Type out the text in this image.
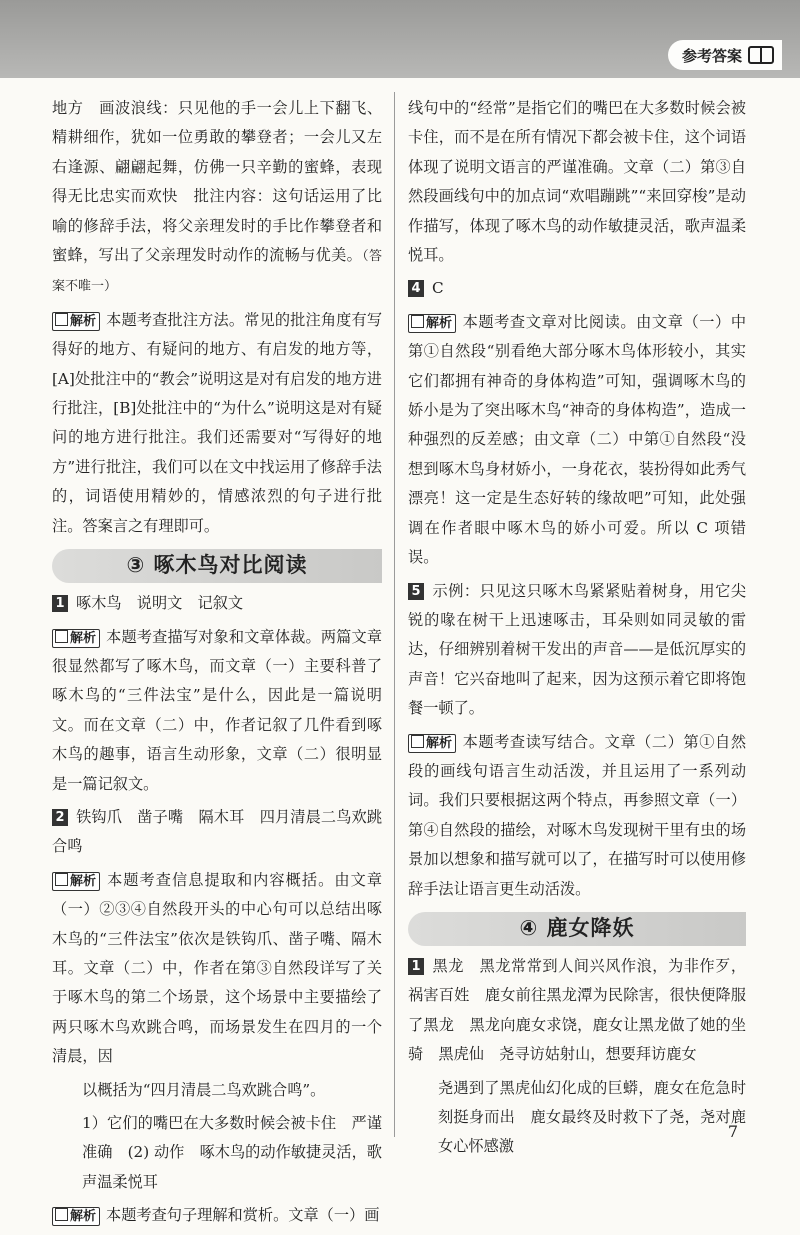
参考答案

地方　画波浪线：只见他的手一会儿上下翻飞、精耕细作，犹如一位勇敢的攀登者；一会儿又左右逢源、翩翩起舞，仿佛一只辛勤的蜜蜂，表现得无比忠实而欢快　批注内容：这句话运用了比喻的修辞手法，将父亲理发时的手比作攀登者和蜜蜂，写出了父亲理发时动作的流畅与优美。（答案不唯一）

解析 本题考查批注方法。常见的批注角度有写得好的地方、有疑问的地方、有启发的地方等，[A]处批注中的“教会”说明这是对有启发的地方进行批注，[B]处批注中的“为什么”说明这是对有疑问的地方进行批注。我们还需要对“写得好的地方”进行批注，我们可以在文中找运用了修辞手法的，词语使用精妙的，情感浓烈的句子进行批注。答案言之有理即可。

③ 啄木鸟对比阅读

1 啄木鸟　说明文　记叙文

解析 本题考查描写对象和文章体裁。两篇文章很显然都写了啄木鸟，而文章（一）主要科普了啄木鸟的“三件法宝”是什么，因此是一篇说明文。而在文章（二）中，作者记叙了几件看到啄木鸟的趣事，语言生动形象，文章（二）很明显是一篇记叙文。

2 铁钩爪　凿子嘴　隔木耳　四月清晨二鸟欢跳合鸣

解析 本题考查信息提取和内容概括。由文章（一）②③④自然段开头的中心句可以总结出啄木鸟的“三件法宝”依次是铁钩爪、凿子嘴、隔木耳。文章（二）中，作者在第③自然段详写了关于啄木鸟的第二个场景，这个场景中主要描绘了两只啄木鸟欢跳合鸣，而场景发生在四月的一个清晨，因

以概括为“四月清晨二鸟欢跳合鸣”。

1）它们的嘴巴在大多数时候会被卡住　严谨准确　(2) 动作　啄木鸟的动作敏捷灵活，歌声温柔悦耳

解析 本题考查句子理解和赏析。文章（一）画

线句中的“经常”是指它们的嘴巴在大多数时候会被卡住，而不是在所有情况下都会被卡住，这个词语体现了说明文语言的严谨准确。文章（二）第③自然段画线句中的加点词“欢唱蹦跳”“来回穿梭”是动作描写，体现了啄木鸟的动作敏捷灵活，歌声温柔悦耳。

4 C

解析 本题考查文章对比阅读。由文章（一）中第①自然段“别看绝大部分啄木鸟体形较小，其实它们都拥有神奇的身体构造”可知，强调啄木鸟的娇小是为了突出啄木鸟“神奇的身体构造”，造成一种强烈的反差感；由文章（二）中第①自然段“没想到啄木鸟身材娇小，一身花衣，装扮得如此秀气漂亮！这一定是生态好转的缘故吧”可知，此处强调在作者眼中啄木鸟的娇小可爱。所以 C 项错误。

5 示例：只见这只啄木鸟紧紧贴着树身，用它尖锐的喙在树干上迅速啄击，耳朵则如同灵敏的雷达，仔细辨别着树干发出的声音——是低沉厚实的声音！它兴奋地叫了起来，因为这预示着它即将饱餐一顿了。

解析 本题考查读写结合。文章（二）第①自然段的画线句语言生动活泼，并且运用了一系列动词。我们只要根据这两个特点，再参照文章（一）第④自然段的描绘，对啄木鸟发现树干里有虫的场景加以想象和描写就可以了，在描写时可以使用修辞手法让语言更生动活泼。

④ 鹿女降妖

1 黑龙　黑龙常常到人间兴风作浪，为非作歹，祸害百姓　鹿女前往黑龙潭为民除害，很快便降服了黑龙　黑龙向鹿女求饶，鹿女让黑龙做了她的坐骑　黑虎仙　尧寻访姑射山，想要拜访鹿女

尧遇到了黑虎仙幻化成的巨蟒，鹿女在危急时刻挺身而出　鹿女最终及时救下了尧，尧对鹿女心怀感激

7
